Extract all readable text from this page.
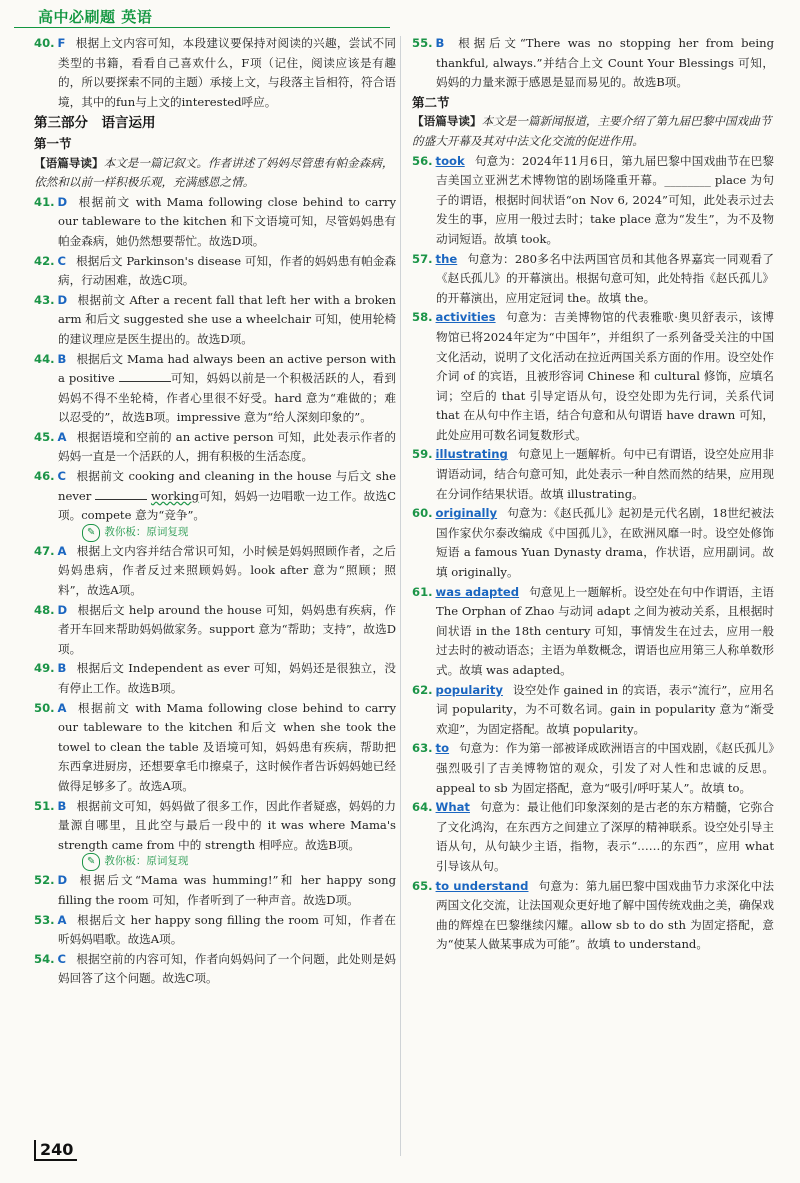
高中必刷题 英语

40. F 根据上文内容可知，本段建议要保持对阅读的兴趣，尝试不同类型的书籍，看看自己喜欢什么，F项（记住，阅读应该是有趣的，所以要探索不同的主题）承接上文，与段落主旨相符，符合语境，其中的fun与上文的interested呼应。

第三部分　语言运用

第一节

【语篇导读】本文是一篇记叙文。作者讲述了妈妈尽管患有帕金森病，依然和以前一样积极乐观，充满感恩之情。

41. D 根据前文 with Mama following close behind to carry our tableware to the kitchen 和下文语境可知，尽管妈妈患有帕金森病，她仍然想要帮忙。故选D项。

42. C 根据后文 Parkinson's disease 可知，作者的妈妈患有帕金森病，行动困难，故选C项。

43. D 根据前文 After a recent fall that left her with a broken arm 和后文 suggested she use a wheelchair 可知，使用轮椅的建议理应是医生提出的。故选D项。

44. B 根据后文 Mama had always been an active person with a positive	可知，妈妈以前是一个积极活跃的人，看到妈妈不得不坐轮椅，作者心里很不好受。hard 意为“难做的；难以忍受的”，故选B项。impressive 意为“给人深刻印象的”。

45. A 根据语境和空前的 an active person 可知，此处表示作者的妈妈一直是一个活跃的人，拥有积极的生活态度。

46. C 根据前文 cooking and cleaning in the house 与后文 she never	working可知，妈妈一边唱歌一边工作。故选C项。compete 意为“竞争”。

✎ 教你板：原词复现

47. A 根据上文内容并结合常识可知，小时候是妈妈照顾作者，之后妈妈患病，作者反过来照顾妈妈。look after 意为“照顾；照料”，故选A项。

48. D 根据后文 help around the house 可知，妈妈患有疾病，作者开车回来帮助妈妈做家务。support 意为“帮助；支持”，故选D项。

49. B 根据后文 Independent as ever 可知，妈妈还是很独立，没有停止工作。故选B项。

50. A 根据前文 with Mama following close behind to carry our tableware to the kitchen 和后文 when she took the towel to clean the table 及语境可知，妈妈患有疾病，帮助把东西拿进厨房，还想要拿毛巾擦桌子，这时候作者告诉妈妈她已经做得足够多了。故选A项。

51. B 根据前文可知，妈妈做了很多工作，因此作者疑惑，妈妈的力量源自哪里，且此空与最后一段中的 it was where Mama's strength came from 中的 strength 相呼应。故选B项。

✎ 教你板：原词复现

52. D 根据后文“Mama was humming!”和 her happy song filling the room 可知，作者听到了一种声音。故选D项。

53. A 根据后文 her happy song filling the room 可知，作者在听妈妈唱歌。故选A项。

54. C 根据空前的内容可知，作者向妈妈问了一个问题，此处则是妈妈回答了这个问题。故选C项。

55. B 根据后文“There was no stopping her from being thankful, always.”并结合上文 Count Your Blessings 可知，妈妈的力量来源于感恩是显而易见的。故选B项。

第二节

【语篇导读】本文是一篇新闻报道，主要介绍了第九届巴黎中国戏曲节的盛大开幕及其对中法文化交流的促进作用。

56. took 句意为：2024年11月6日，第九届巴黎中国戏曲节在巴黎吉美国立亚洲艺术博物馆的剧场隆重开幕。________ place 为句子的谓语，根据时间状语“on Nov 6, 2024”可知，此处表示过去发生的事，应用一般过去时；take place 意为“发生”，为不及物动词短语。故填 took。

57. the 句意为：280多名中法两国官员和其他各界嘉宾一同观看了《赵氏孤儿》的开幕演出。根据句意可知，此处特指《赵氏孤儿》的开幕演出，应用定冠词 the。故填 the。

58. activities 句意为：吉美博物馆的代表雅歌·奥贝舒表示，该博物馆已将2024年定为“中国年”，并组织了一系列备受关注的中国文化活动，说明了文化活动在拉近两国关系方面的作用。设空处作介词 of 的宾语，且被形容词 Chinese 和 cultural 修饰，应填名词；空后的 that 引导定语从句，设空处即为先行词，关系代词 that 在从句中作主语，结合句意和从句谓语 have drawn 可知，此处应用可数名词复数形式。

59. illustrating 句意见上一题解析。句中已有谓语，设空处应用非谓语动词，结合句意可知，此处表示一种自然而然的结果，应用现在分词作结果状语。故填 illustrating。

60. originally 句意为：《赵氏孤儿》起初是元代名剧，18世纪被法国作家伏尔泰改编成《中国孤儿》，在欧洲风靡一时。设空处修饰短语 a famous Yuan Dynasty drama，作状语，应用副词。故填 originally。

61. was adapted 句意见上一题解析。设空处在句中作谓语，主语 The Orphan of Zhao 与动词 adapt 之间为被动关系，且根据时间状语 in the 18th century 可知，事情发生在过去，应用一般过去时的被动语态；主语为单数概念，谓语也应用第三人称单数形式。故填 was adapted。

62. popularity 设空处作 gained in 的宾语，表示“流行”，应用名词 popularity，为不可数名词。gain in popularity 意为“渐受欢迎”，为固定搭配。故填 popularity。

63. to 句意为：作为第一部被译成欧洲语言的中国戏剧，《赵氏孤儿》强烈吸引了吉美博物馆的观众，引发了对人性和忠诚的反思。appeal to sb 为固定搭配，意为“吸引/呼吁某人”。故填 to。

64. What 句意为：最让他们印象深刻的是古老的东方精髓，它弥合了文化鸿沟，在东西方之间建立了深厚的精神联系。设空处引导主语从句，从句缺少主语，指物，表示“……的东西”，应用 what 引导该从句。

65. to understand 句意为：第九届巴黎中国戏曲节力求深化中法两国文化交流，让法国观众更好地了解中国传统戏曲之美，确保戏曲的辉煌在巴黎继续闪耀。allow sb to do sth 为固定搭配，意为“使某人做某事成为可能”。故填 to understand。

240
